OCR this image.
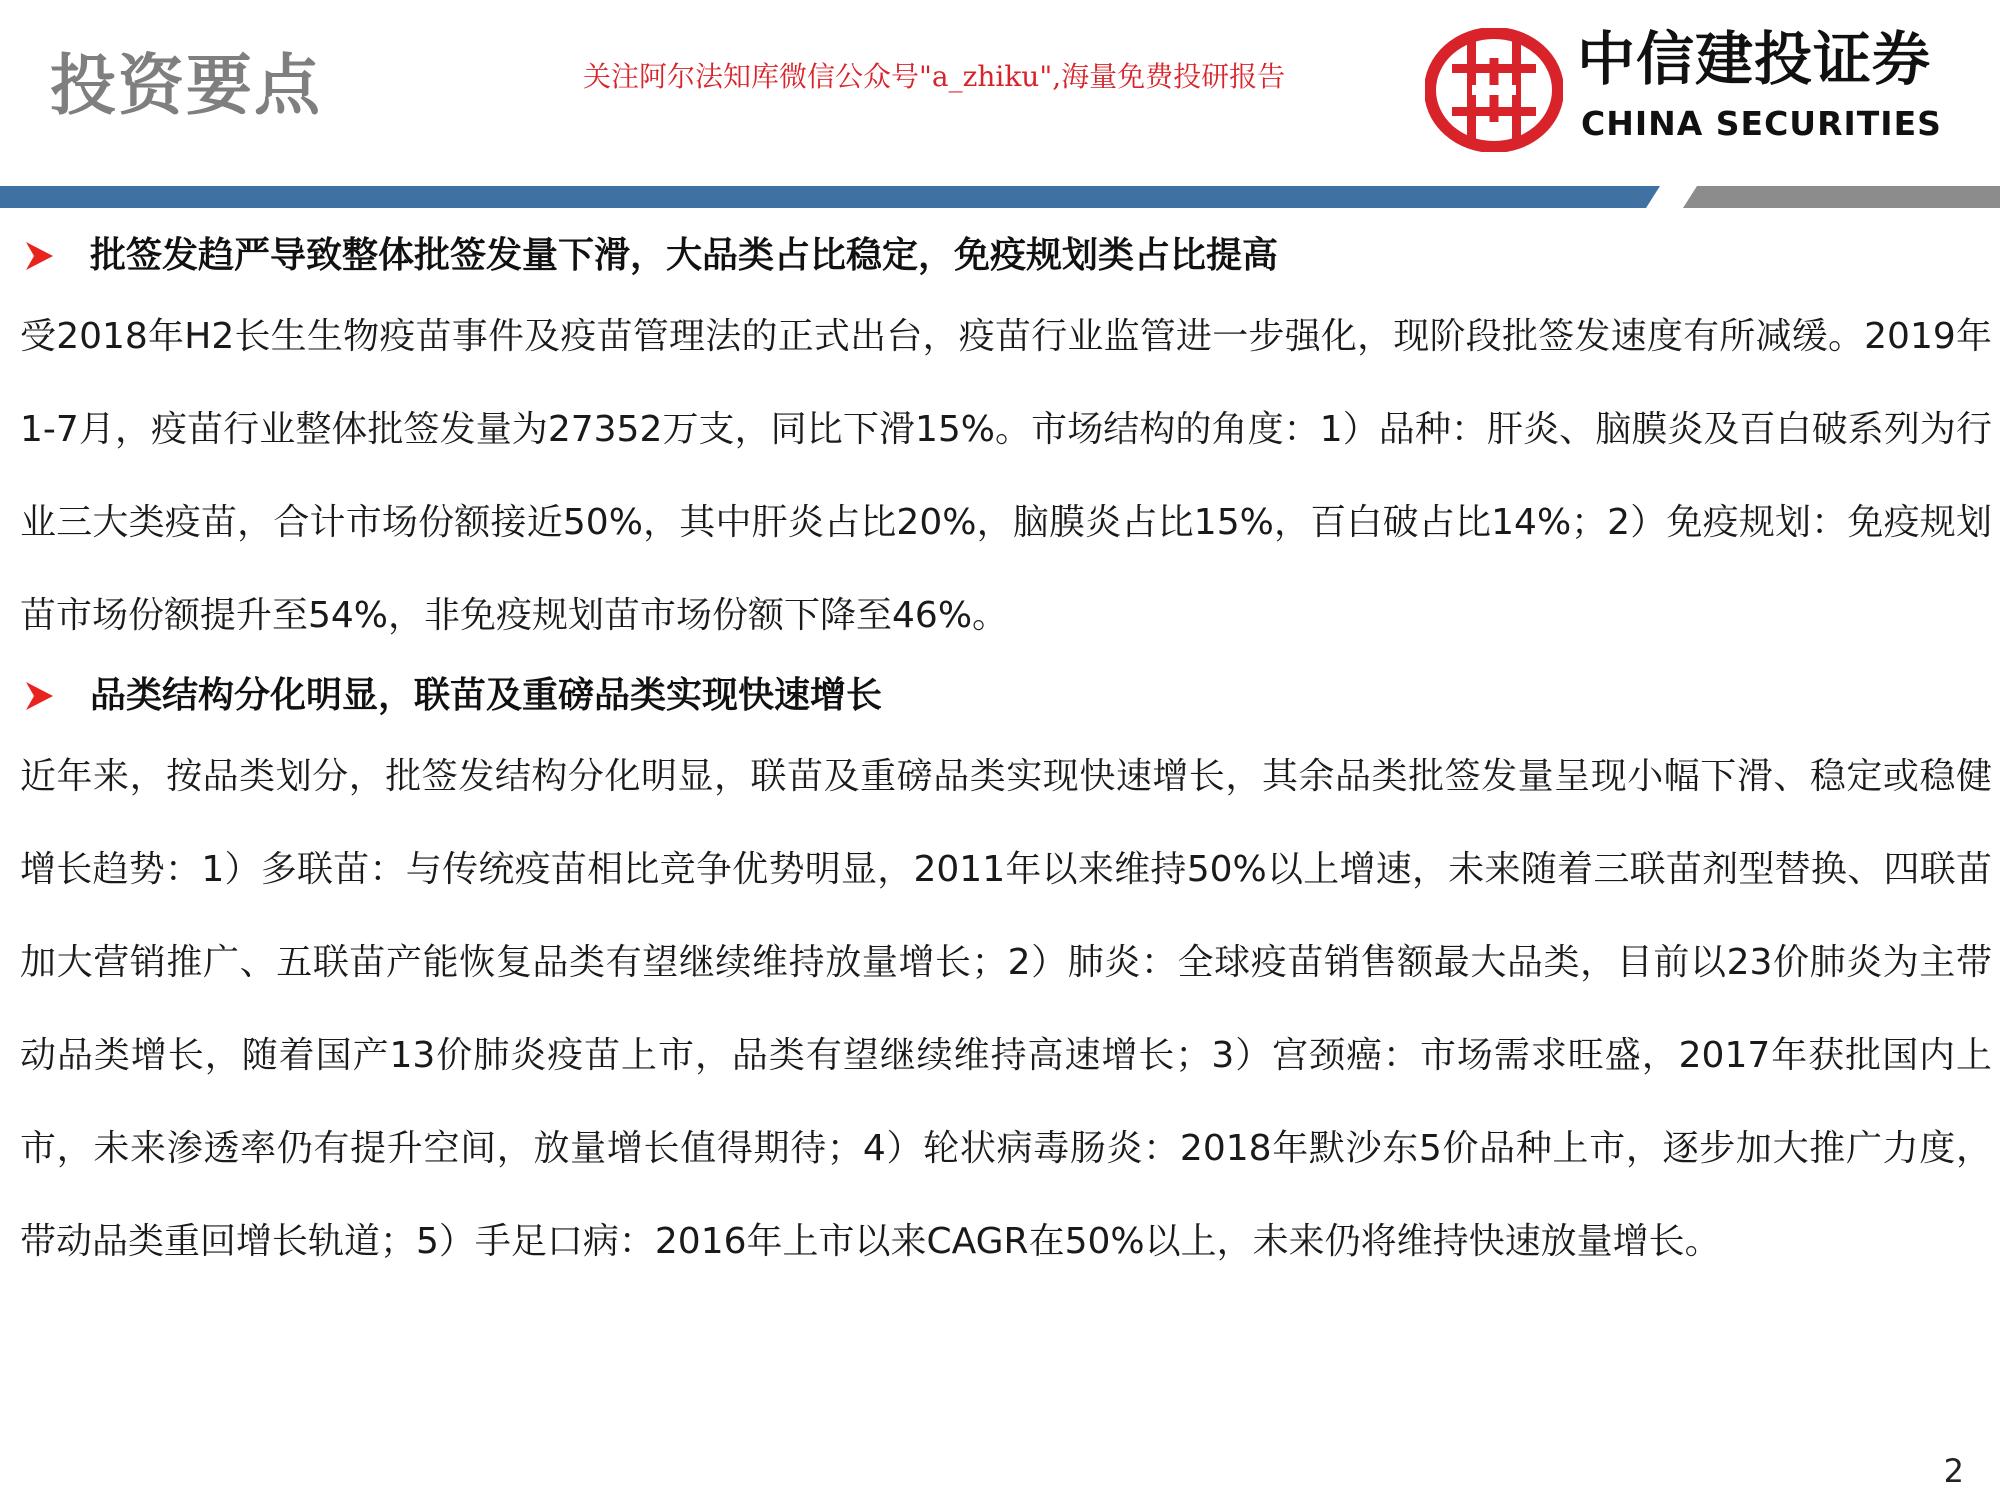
投资要点	关注阿尔法知库微信公众号"a_zhiku",海量免费投研报告	中信建投证券
CHINA SECURITIES
批签发趋严导致整体批签发量下滑，大品类占比稳定，免疫规划类占比提高

受2018年H2长生生物疫苗事件及疫苗管理法的正式出台，疫苗行业监管进一步强化，现阶段批签发速度有所减缓。2019年1-7月，疫苗行业整体批签发量为27352万支，同比下滑15%。市场结构的角度：1）品种：肝炎、脑膜炎及百白破系列为行业三大类疫苗，合计市场份额接近50%，其中肝炎占比20%，脑膜炎占比15%，百白破占比14%；2）免疫规划：免疫规划苗市场份额提升至54%，非免疫规划苗市场份额下降至46%。

品类结构分化明显，联苗及重磅品类实现快速增长

近年来，按品类划分，批签发结构分化明显，联苗及重磅品类实现快速增长，其余品类批签发量呈现小幅下滑、稳定或稳健增长趋势：1）多联苗：与传统疫苗相比竞争优势明显，2011年以来维持50%以上增速，未来随着三联苗剂型替换、四联苗加大营销推广、五联苗产能恢复品类有望继续维持放量增长；2）肺炎：全球疫苗销售额最大品类，目前以23价肺炎为主带动品类增长，随着国产13价肺炎疫苗上市，品类有望继续维持高速增长；3）宫颈癌：市场需求旺盛，2017年获批国内上市，未来渗透率仍有提升空间，放量增长值得期待；4）轮状病毒肠炎：2018年默沙东5价品种上市，逐步加大推广力度，带动品类重回增长轨道；5）手足口病：2016年上市以来CAGR在50%以上，未来仍将维持快速放量增长。

2
